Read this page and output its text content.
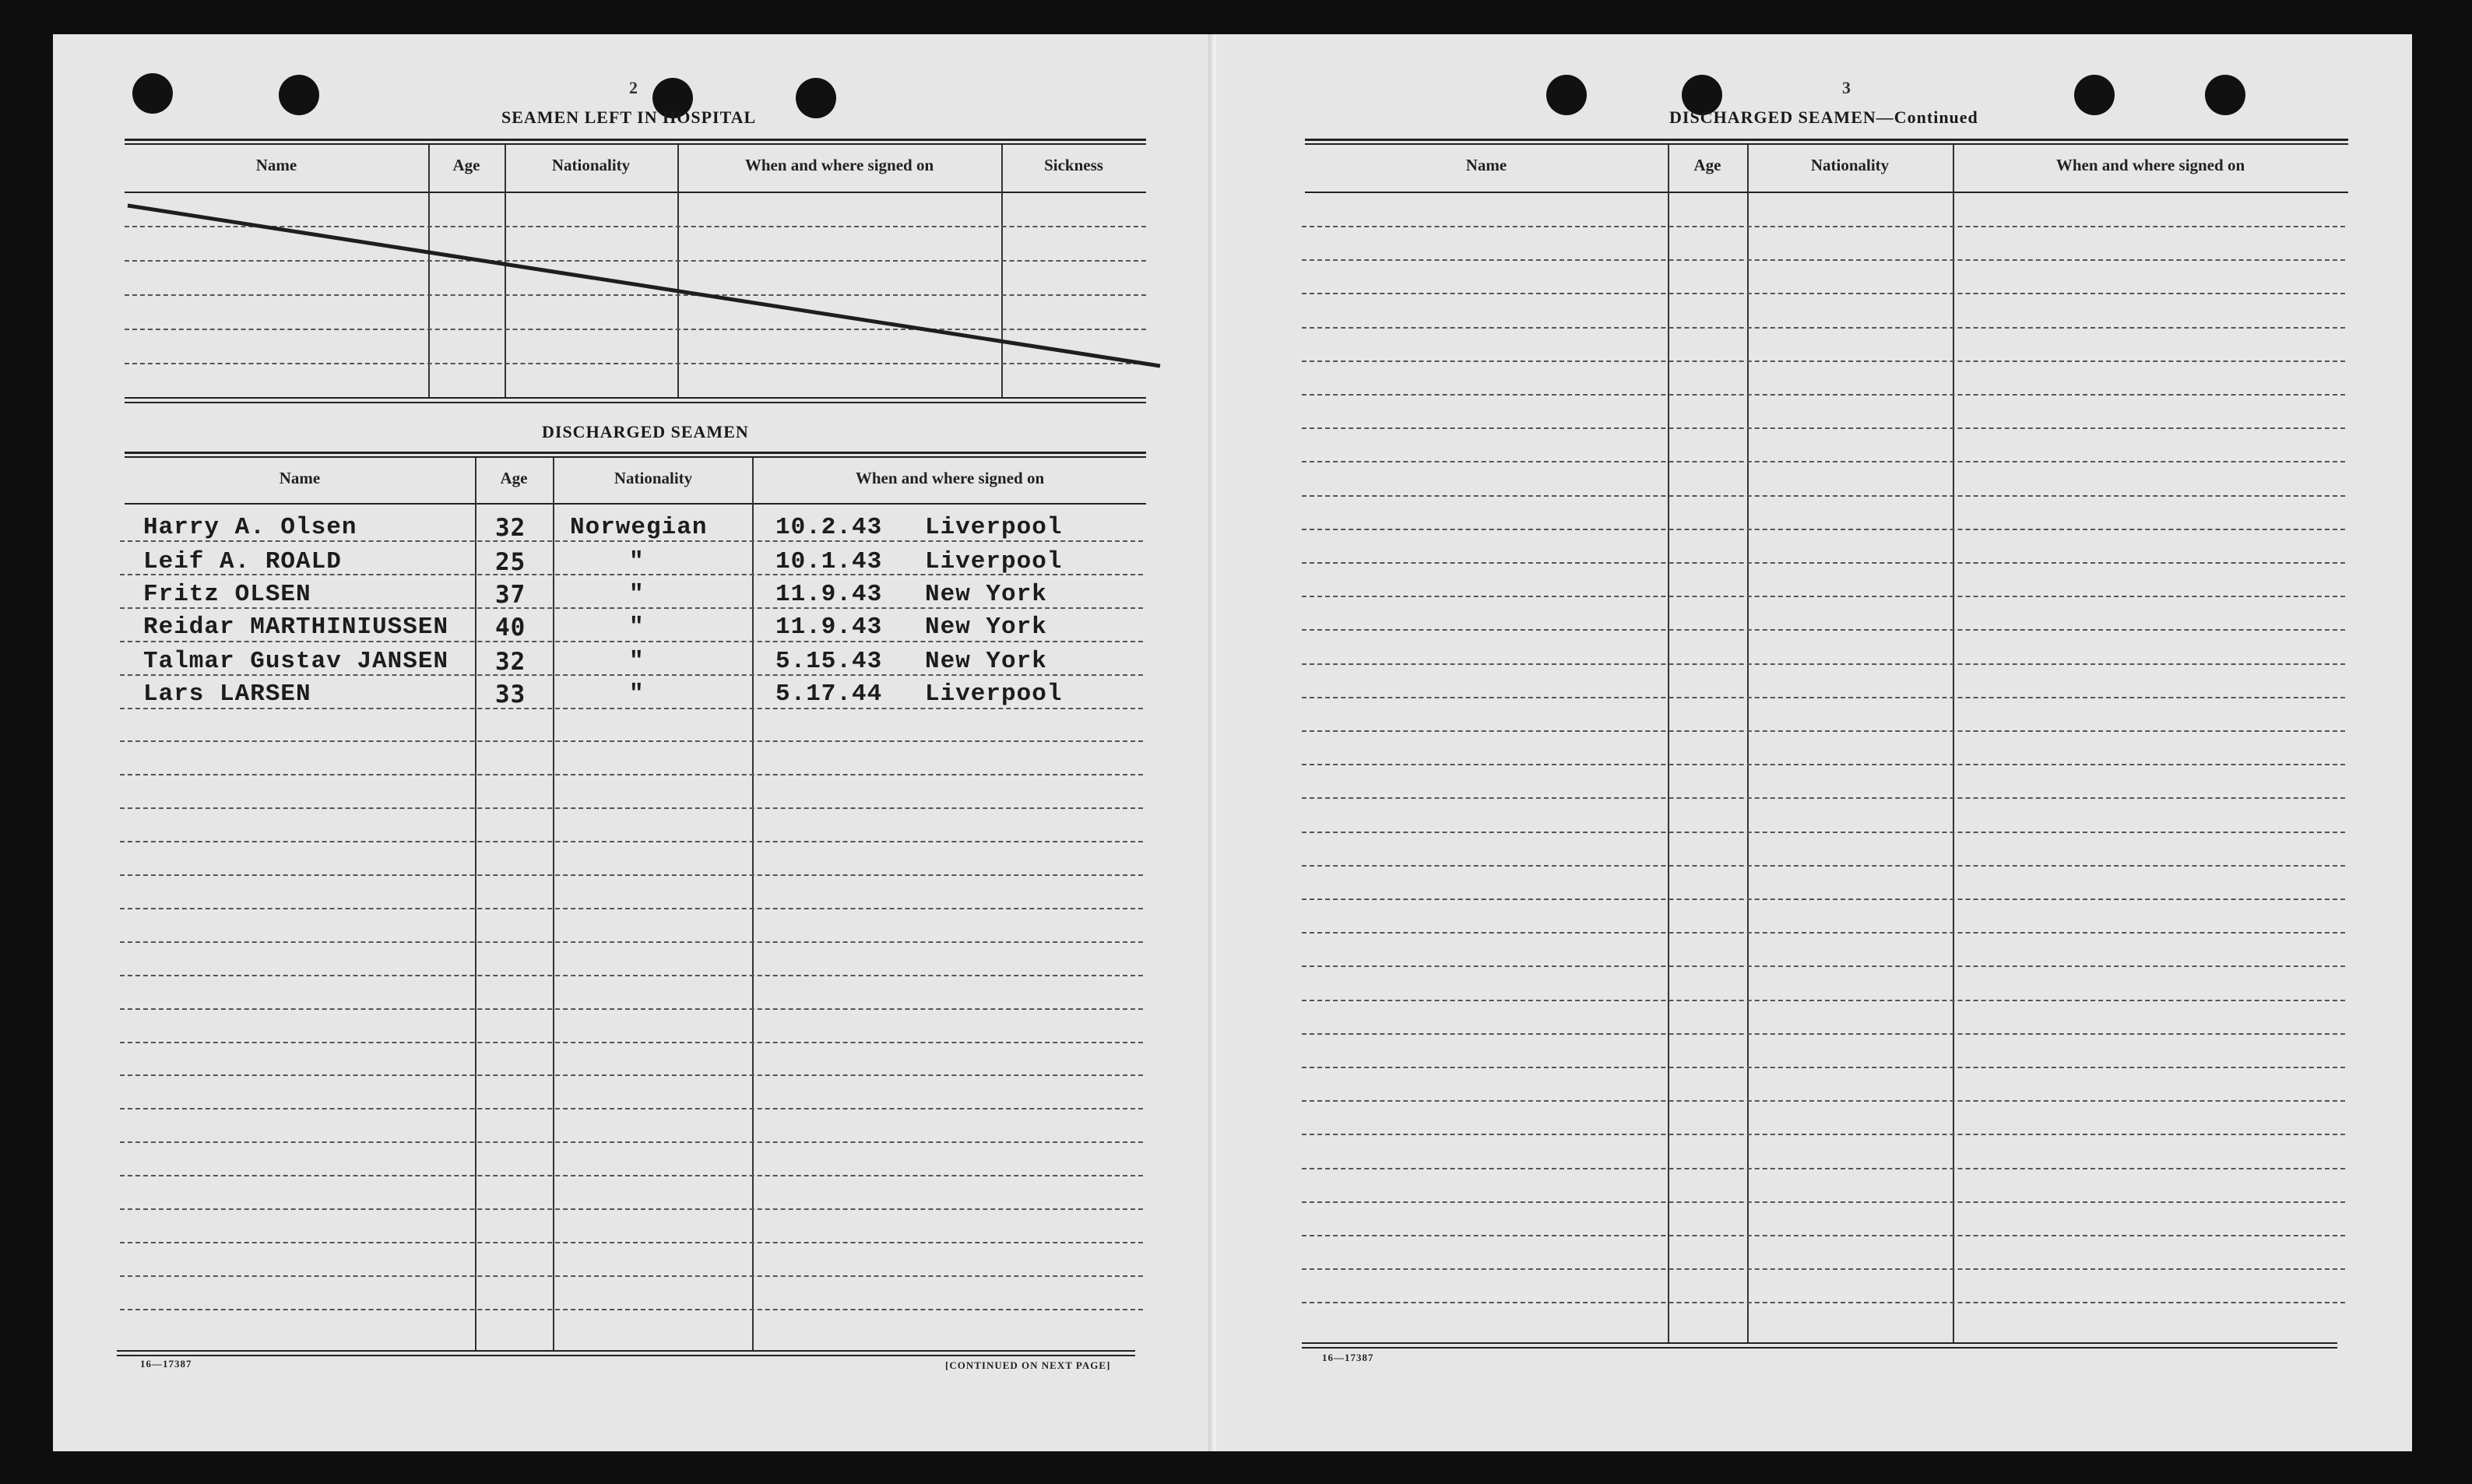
2
SEAMEN LEFT IN HOSPITAL
Name	Age	Nationality	When and where signed on	Sickness
DISCHARGED SEAMEN
Name	Age	Nationality	When and where signed on
Harry A. Olsen	32 Norwegian	10.2.43 Liverpool
Leif A. ROALD	25	"	10.1.43 Liverpool
Fritz OLSEN	37	"	11.9.43 New York
Reidar MARTHINIUSSEN 40	"	11.9.43 New York
Talmar Gustav JANSEN 32	"	5.15.43 New York
Lars LARSEN	33	"	5.17.44 Liverpool
16—17387	[CONTINUED ON NEXT PAGE]
3
DISCHARGED SEAMEN—Continued
Name	Age	Nationality	When and where signed on
16—17387
